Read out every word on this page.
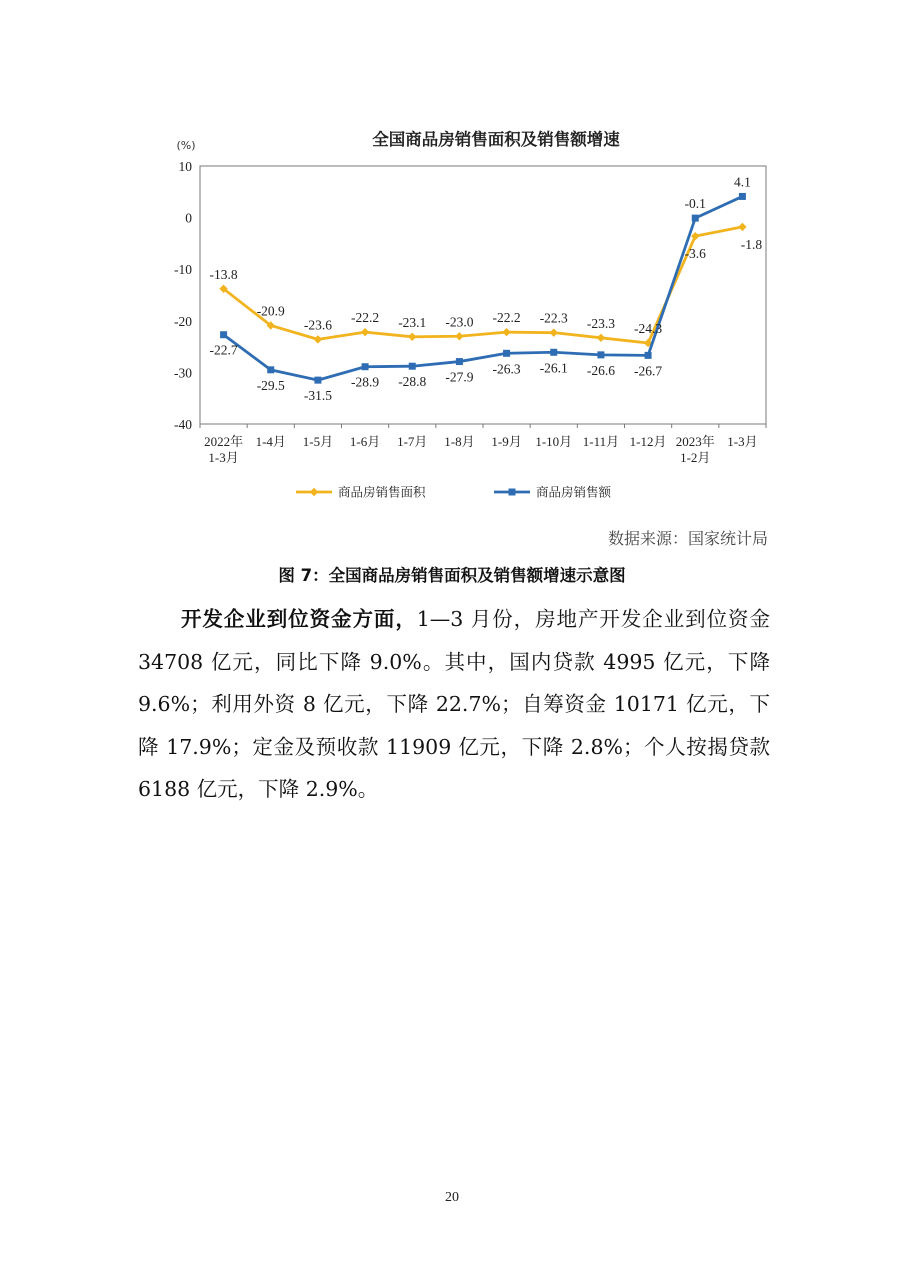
全国商品房销售面积及销售额增速
(%)
10
0
-10
-20
-30
-40
2022年
1-3月
1-4月 1-5月 1-6月 1-7月 1-8月 1-9月 1-10月 1-11月 1-12月 2023年
1-2月
1-3月
-13.8
-20.9
-23.6 -22.2 -23.1 -23.0 -22.2 -22.3 -23.3 -24.3
-3.6
-1.8
-22.7
-29.5
-31.5
-28.9 -28.8 -27.9
-26.3 -26.1 -26.6 -26.7
-0.1
4.1
商品房销售面积	商品房销售额
数据来源：国家统计局
图 7：全国商品房销售面积及销售额增速示意图

开发企业到位资金方面，1—3 月份，房地产开发企业到位资金 34708 亿元，同比下降 9.0%。其中，国内贷款 4995 亿元，下降 9.6%；利用外资 8 亿元，下降 22.7%；自筹资金 10171 亿元，下降 17.9%；定金及预收款 11909 亿元，下降 2.8%；个人按揭贷款 6188 亿元，下降 2.9%。

20
